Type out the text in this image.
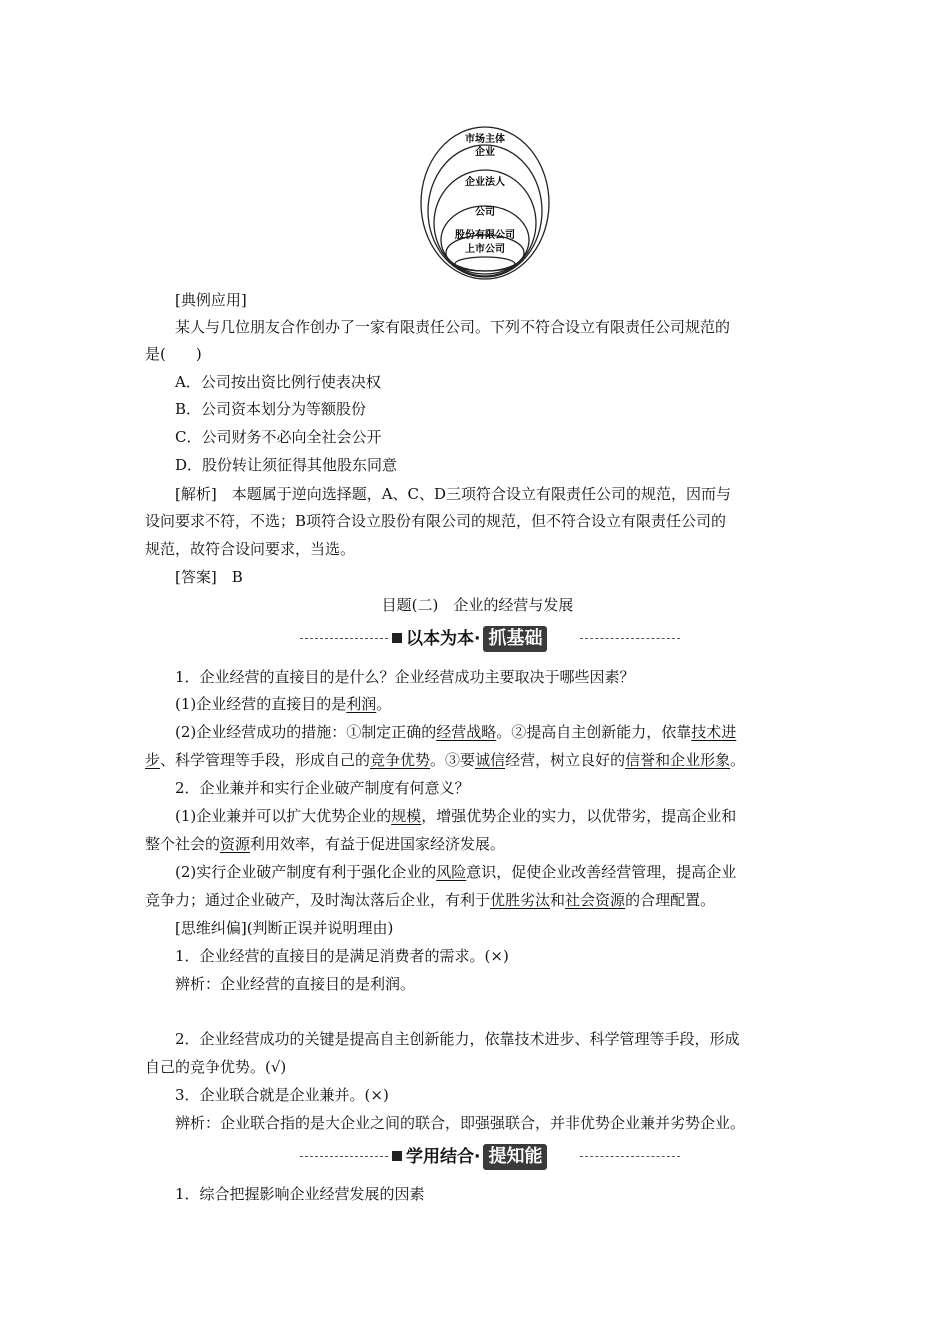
市场主体
企业
企业法人
公司
股份有限公司
上市公司
[典例应用]
某人与几位朋友合作创办了一家有限责任公司。下列不符合设立有限责任公司规范的
是(　　)
A．公司按出资比例行使表决权
B．公司资本划分为等额股份
C．公司财务不必向全社会公开
D．股份转让须征得其他股东同意
[解析]　本题属于逆向选择题，A、C、D三项符合设立有限责任公司的规范，因而与
设问要求不符，不选；B项符合设立股份有限公司的规范，但不符合设立有限责任公司的
规范，故符合设问要求，当选。
[答案]　B
目题(二)　企业的经营与发展
以本为本· 抓基础
1．企业经营的直接目的是什么？企业经营成功主要取决于哪些因素？
(1)企业经营的直接目的是利润。
(2)企业经营成功的措施：①制定正确的经营战略。②提高自主创新能力，依靠技术进
步、科学管理等手段，形成自己的竞争优势。③要诚信经营，树立良好的信誉和企业形象。
2．企业兼并和实行企业破产制度有何意义？
(1)企业兼并可以扩大优势企业的规模，增强优势企业的实力，以优带劣，提高企业和
整个社会的资源利用效率，有益于促进国家经济发展。
(2)实行企业破产制度有利于强化企业的风险意识，促使企业改善经营管理，提高企业
竞争力；通过企业破产，及时淘汰落后企业，有利于优胜劣汰和社会资源的合理配置。
[思维纠偏](判断正误并说明理由)
1．企业经营的直接目的是满足消费者的需求。(×)
辨析：企业经营的直接目的是利润。
2．企业经营成功的关键是提高自主创新能力，依靠技术进步、科学管理等手段，形成
自己的竞争优势。(√)
3．企业联合就是企业兼并。(×)
辨析：企业联合指的是大企业之间的联合，即强强联合，并非优势企业兼并劣势企业。
学用结合· 提知能
1．综合把握影响企业经营发展的因素
